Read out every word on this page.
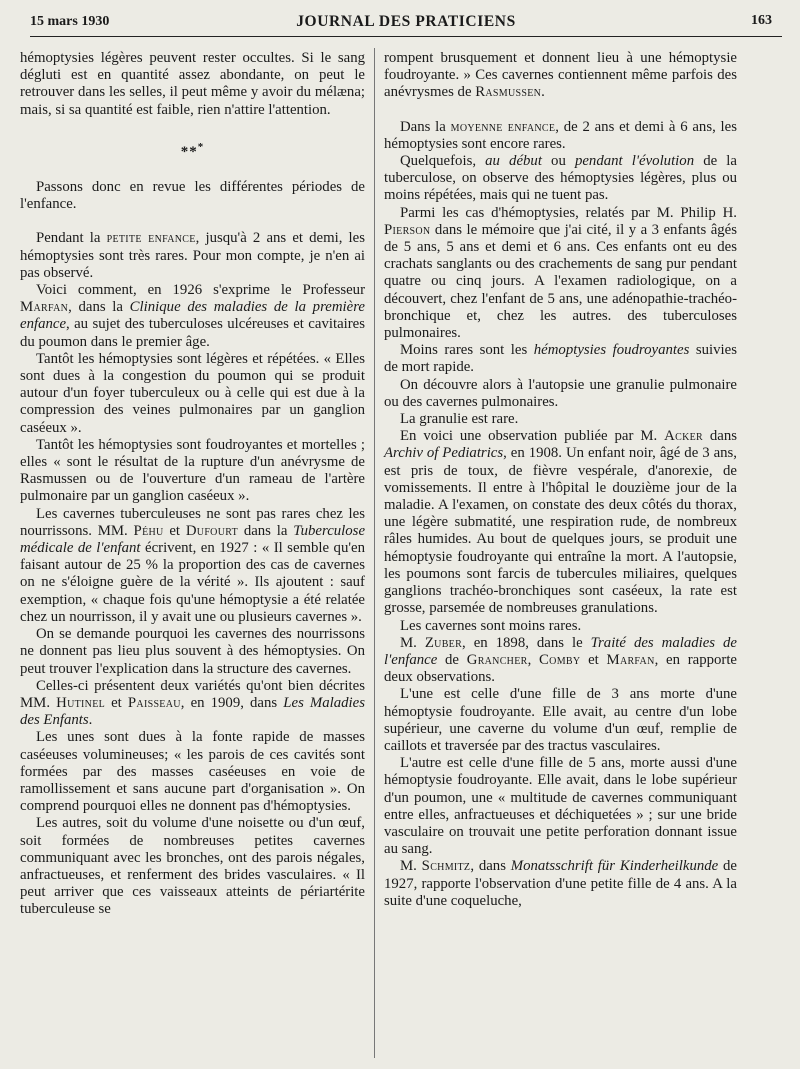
15 mars 1930	JOURNAL DES PRATICIENS	163

hémoptysies légères peuvent rester occultes. Si le sang dégluti est en quantité assez abondante, on peut le retrouver dans les selles, il peut même y avoir du mélæna; mais, si sa quantité est faible, rien n'attire l'attention.

***

Passons donc en revue les différentes périodes de l'enfance.

Pendant la petite enfance, jusqu'à 2 ans et demi, les hémoptysies sont très rares. Pour mon compte, je n'en ai pas observé.

Voici comment, en 1926 s'exprime le Professeur Marfan, dans la Clinique des maladies de la première enfance, au sujet des tuberculoses ulcéreuses et cavitaires du poumon dans le premier âge.

Tantôt les hémoptysies sont légères et répétées. « Elles sont dues à la congestion du poumon qui se produit autour d'un foyer tuberculeux ou à celle qui est due à la compression des veines pulmonaires par un ganglion caséeux ».

Tantôt les hémoptysies sont foudroyantes et mortelles ; elles « sont le résultat de la rupture d'un anévrysme de Rasmussen ou de l'ouverture d'un rameau de l'artère pulmonaire par un ganglion caséeux ».

Les cavernes tuberculeuses ne sont pas rares chez les nourrissons. MM. Péhu et Dufourt dans la Tuberculose médicale de l'enfant écrivent, en 1927 : « Il semble qu'en faisant autour de 25 % la proportion des cas de cavernes on ne s'éloigne guère de la vérité ». Ils ajoutent : sauf exemption, « chaque fois qu'une hémoptysie a été relatée chez un nourrisson, il y avait une ou plusieurs cavernes ».

On se demande pourquoi les cavernes des nourrissons ne donnent pas lieu plus souvent à des hémoptysies. On peut trouver l'explication dans la structure des cavernes.

Celles-ci présentent deux variétés qu'ont bien décrites MM. Hutinel et Paisseau, en 1909, dans Les Maladies des Enfants.

Les unes sont dues à la fonte rapide de masses caséeuses volumineuses; « les parois de ces cavités sont formées par des masses caséeuses en voie de ramollissement et sans aucune part d'organisation ». On comprend pourquoi elles ne donnent pas d'hémoptysies.

Les autres, soit du volume d'une noisette ou d'un œuf, soit formées de nombreuses petites cavernes communiquant avec les bronches, ont des parois négales, anfractueuses, et renferment des brides vasculaires. « Il peut arriver que ces vaisseaux atteints de périartérite tuberculeuse se

rompent brusquement et donnent lieu à une hémoptysie foudroyante. » Ces cavernes contiennent même parfois des anévrysmes de Rasmussen.

Dans la moyenne enfance, de 2 ans et demi à 6 ans, les hémoptysies sont encore rares.

Quelquefois, au début ou pendant l'évolution de la tuberculose, on observe des hémoptysies légères, plus ou moins répétées, mais qui ne tuent pas.

Parmi les cas d'hémoptysies, relatés par M. Philip H. Pierson dans le mémoire que j'ai cité, il y a 3 enfants âgés de 5 ans, 5 ans et demi et 6 ans. Ces enfants ont eu des crachats sanglants ou des crachements de sang pur pendant quatre ou cinq jours. A l'examen radiologique, on a découvert, chez l'enfant de 5 ans, une adénopathie-trachéo-bronchique et, chez les autres. des tuberculoses pulmonaires.

Moins rares sont les hémoptysies foudroyantes suivies de mort rapide.

On découvre alors à l'autopsie une granulie pulmonaire ou des cavernes pulmonaires.

La granulie est rare.

En voici une observation publiée par M. Acker dans Archiv of Pediatrics, en 1908. Un enfant noir, âgé de 3 ans, est pris de toux, de fièvre vespérale, d'anorexie, de vomissements. Il entre à l'hôpital le douzième jour de la maladie. A l'examen, on constate des deux côtés du thorax, une légère submatité, une respiration rude, de nombreux râles humides. Au bout de quelques jours, se produit une hémoptysie foudroyante qui entraîne la mort. A l'autopsie, les poumons sont farcis de tubercules miliaires, quelques ganglions trachéo-bronchiques sont caséeux, la rate est grosse, parsemée de nombreuses granulations.

Les cavernes sont moins rares.

M. Zuber, en 1898, dans le Traité des maladies de l'enfance de Grancher, Comby et Marfan, en rapporte deux observations.

L'une est celle d'une fille de 3 ans morte d'une hémoptysie foudroyante. Elle avait, au centre d'un lobe supérieur, une caverne du volume d'un œuf, remplie de caillots et traversée par des tractus vasculaires.

L'autre est celle d'une fille de 5 ans, morte aussi d'une hémoptysie foudroyante. Elle avait, dans le lobe supérieur d'un poumon, une « multitude de cavernes communiquant entre elles, anfractueuses et déchiquetées » ; sur une bride vasculaire on trouvait une petite perforation donnant issue au sang.

M. Schmitz, dans Monatsschrift für Kinderheilkunde de 1927, rapporte l'observation d'une petite fille de 4 ans. A la suite d'une coqueluche,
